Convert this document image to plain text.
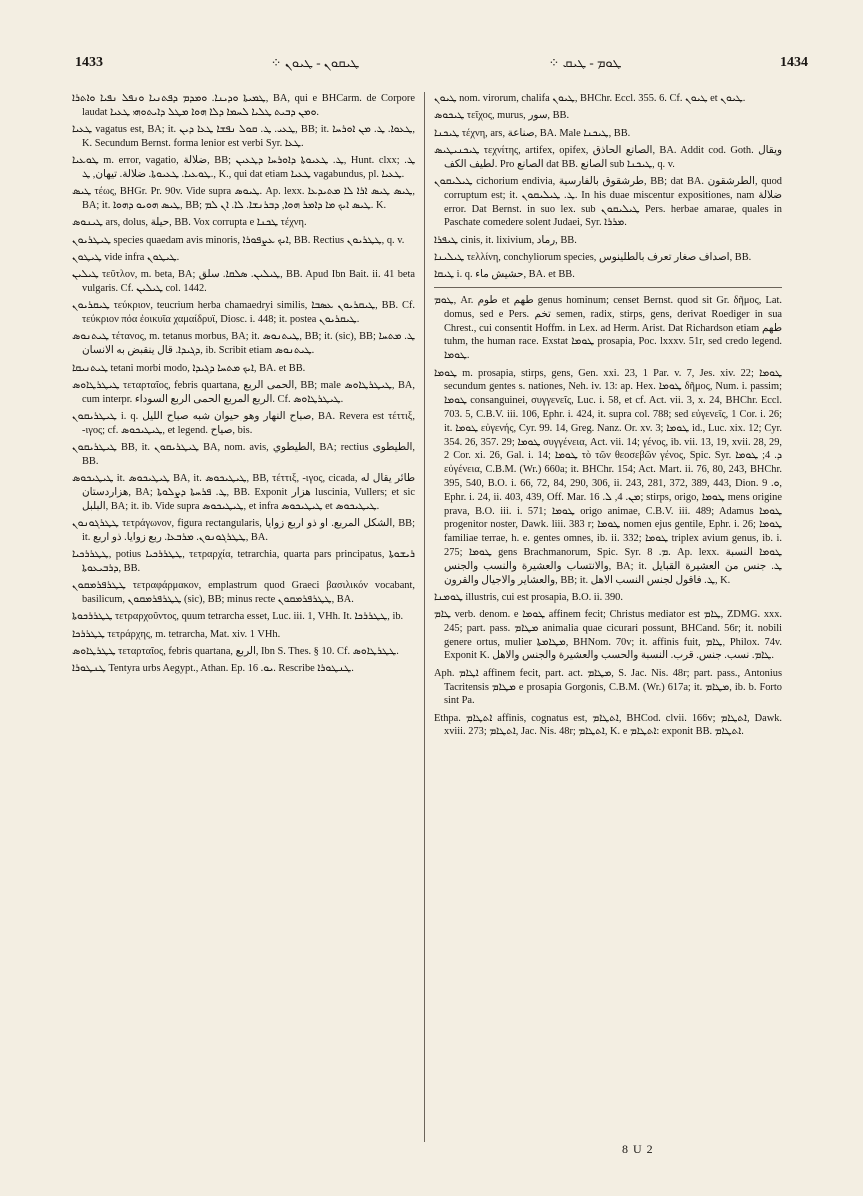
1433	⁘ ܛܝܩܘܢ ‑ ܛܝܘܢ	⁘ ܛܘܡ ‑ ܛܝܩ	1434

ܛܡܝܬܐ ܘܕܝܢܐ. ܘܡܕܡ ܕܦܬܢܝܐ ܘܢܦܠ ܢܦܝܐ ܘܐܬܪܐ, BA, qui e BHCarm. de Corpore laudat ܘܡܢ ܕܒܝܬ ܛܠܝܐ ܠܚܡܐ ܕܠܐ ܗܘܐ ܡܛܠ ܕܐܝܬܘܗܝ ܛܥܝܐ.

ܛܥܝܐ vagatus est, BA; it. ܛܥܝ. ܛ. ܩܘܠ ܢܦܫܐ ܛܥܐ ܕܝܢ, BB; it. ܛܥܘܐ. ܛ. ܡܢ ܐܘܪܚܐ, K. Secundum Bernst. forma lenior est verbi Syr. ܛܥܐ.

ܛܘܥܝܐ m. error, vagatio, ضلالة, BB; ܛ. ܛܥܝܘܬܐ ܕܐܘܪܚܐ ܕܛܥܝܢ, Hunt. clxx; ܛ. ܛܘܥܝܐ. ܛܥܝܘܬܐ. ضلالة. تيهان, ܛ., K., qui dat etiam ܛܥܝܐ vagabundus, pl. ܛܥܝܐ.

ܛܝܣ τέως, BHGr. Pr. 90v. Vide supra ܛܝܘܣ. Ap. lexx. ܛܝܣ ܛܝܣ ܐܪܐ ܠܐ ܡܬܝܕܥܐ, BA; it. ܛܝܣ ܗܘܝܘ ܕܗܘܐ, BB; ܛܝܣ ܐܝܟ ܡܐ ܕܐܡܪ ܗܘܐ, ܕܒܪܢܫܐ. ܠܐ. ܐܢ ܠܡ. K.

ܛܝܢܘܣ ars, dolus, حيلة, BB. Vox corrupta e ܛܟܢܐ τέχνη.

ܛܝܛܪܝܘܢ species quaedam avis minoris, ܐܝܟ ܥܨܦܘܪܐ, BB. Rectius ܛܛܪܝܘܢ, q. v.

ܛܝܛܘܢ vide infra ܛܝܛܘܢ.

ܛܝܠܝܢ τεῦτλον, m. beta, BA; ܛܝܠܝܢ. ܣܠܩܐ. سلق, BB. Apud Ibn Bait. ii. 41 beta vulgaris. Cf. ܛܝܠܝܢ col. 1442.

ܛܝܩܪܝܘܢ τεύκριον, teucrium herba chamaedryi similis, ܛܝܩܪܝܘܢ ܥܣܒܐ, BB. Cf. τεύκριον πόα ἐοικυῖα χαμαίδρυϊ, Diosc. i. 448; it. postea ܛܝܩܪܝܘܢ.

ܛܝܬܢܘܣ τέτανος, m. tetanus morbus, BA; it. ܛܝܬܢܘܣ, BB; it. (sic), BB; ܛ. ܡܬܚܐ ܕܓܝܕܐ. قال ينقبض به الانسان, ib. Scribit etiam ܛܝܬܢܘܣ.

ܛܝܬܢܝܩܐ tetani morbi modo, ܐܝܟ ܡܬܚܐ ܕܓܝܕܐ, BA. et BB.

ܛܝܛܪܛܐܘܣ τεταρταῖος, febris quartana, الحمى الربع, BB; male ܛܝܛܪܛܐܘܣ, BA, cum interpr. الربع المربع الحمى الربع السوداء. Cf. ܛܝܛܪܛܐܘܣ.

ܛܝܛܪܝܩܘܢ i. q. صباح النهار وهو حيوان شبه صباح الليل, BA. Revera est τέττιξ, -ιγος; cf. ܛܝܛܝܟܘܣ, et legend. صياح, bis.

ܛܝܛܪܝܩܘܢ BB, it. ܛܝܛܪܝܩܘܢ BA, nom. avis, الطيطوي, BA; rectius الطيطوى, BB.

ܛܝܛܝܟܘܣ it. ܛܝܛܝܟܘܣ BA, it. ܛܝܛܝܟܘܣ, BB, τέττιξ, -ιγος, cicada, طائر يقال له هزاردستان, BA; ܛ. ܦܪܚܬܐ ܕܨܠܘܬܐ, BB. Exponit هزار luscinia, Vullers; et sic البلبل, BA; it. ib. Vide supra ܛܝܛܝܟܘܣ, et infra ܛܝܛܝܟܘܣ et ܛܝܛܝܟܘܣ.

ܛܛܪܓܘܢܘܢ τετράγωνον, figura rectangularis, الشكل المربع. او ذو اربع زوايا, BB; it. ܛܛܪܓܘܢܘܢ. ܡܪܒܥܐ. ربع زوايا. ذو اربع, BA.

ܛܛܪܪܟܝܐ, potius ܛܛܪܪܟܝܐ, τετραρχία, tetrarchia, quarta pars principatus, ܪܝܫܘܬܐ ܕܪܒܝܥܘܬܐ, BB.

ܛܛܪܦܪܡܩܘܢ τετραφάρμακον, emplastrum quod Graeci βασιλικόν vocabant, basilicum, ܛܛܪܦܪܡܩܘܢ (sic), BB; minus recte ܛܛܪܦܪܡܩܘܢ, BA.

ܛܛܪܪܟܘܬܐ τετραρχοῦντος, quum tetrarcha esset, Luc. iii. 1, VHh. It. ܛܛܪܪܟܐ, ib.

ܛܛܪܪܟܐ τετράρχης, m. tetrarcha, Mat. xiv. 1 VHh.

ܛܛܪܛܐܘܣ τεταρταῖος, febris quartana, الربع, Ibn S. Thes. § 10. Cf. ܛܛܪܛܐܘܣ.

ܛܢܛܘܪܐ Tentyra urbs Aegypt., Athan. Ep. ܝܘ. 16. Rescribe ܛܢܛܘܪܐ.

ܛܝܘܢ nom. virorum, chalifa ܛܝܘܢ, BHChr. Eccl. 355. 6. Cf. ܛܝܘܢ et ܛܝܘܢ.

ܛܝܟܘܣ τεῖχος, murus, سور, BB.

ܛܝܟܢܐ τέχνη, ars, صناعة, BA. Male ܛܝܟܢܐ, BB.

ܛܝܟܢܝܛܝܣ τεχνίτης, artifex, opifex, الصانع الحاذق, BA. Addit cod. Goth. ويقال لطيف الكف. Pro الصانع dat BB. الصانع sub ܛܝܟܢܐ, q. v.

ܛܝܠܝܩܘܢ cichorium endivia, طرشقوق بالفارسية, BB; dat BA. الطرشقون, quod corruptum est; it. ܛ. ܛܝܠܝܩܘܢ. In his duae miscentur expositiones, nam ضلالة error. Dat Bernst. in suo lex. sub ܛܝܠܝܩܘܢ Pers. herbae amarae, quales in Paschate comedere solent Judaei, Syr. ܡܪܪܐ.

ܛܝܦܪܐ cinis, it. lixivium, رماد, BB.

ܛܝܠܝܢܐ τελλίνη, conchyliorum species, اصداف صغار تعرف بالطلينوس, BB.

ܛܝܩܐ i. q. حشيش ماء, BA. et BB.

ܛܘܡ, Ar. طوم et طهم genus hominum; censet Bernst. quod sit Gr. δῆμος, Lat. domus, sed e Pers. تخم semen, radix, stirps, gens, derivat Roediger in sua Chrest., cui consentit Hoffm. in Lex. ad Herm. Arist. Dat Richardson etiam طهم tuhm, the human race. Exstat ܛܘܡܐ prosapia, Poc. lxxxv. 51r, sed credo legend. ܛܘܡܐ.

ܛܘܡܐ m. prosapia, stirps, gens, Gen. xxi. 23, 1 Par. v. 7, Jes. xiv. 22; ܛܘܡܐ secundum gentes s. nationes, Neh. iv. 13: ap. Hex. ܛܘܡܐ δῆμος, Num. i. passim; ܛܘܡܐ consanguinei, συγγενεῖς, Luc. i. 58, et cf. Act. vii. 3, x. 24, BHChr. Eccl. 703. 5, C.B.V. iii. 106, Ephr. i. 424, it. supra col. 788; sed εὐγενεῖς, 1 Cor. i. 26; it. ܛܘܡܐ εὐγενής, Cyr. 99. 14, Greg. Nanz. Or. xv. 3; ܛܘܡܐ id., Luc. xix. 12; Cyr. 354. 26, 357. 29; ܛܘܡܐ συγγένεια, Act. vii. 14; γένος, ib. vii. 13, 19, xvii. 28, 29, 2 Cor. xi. 26, Gal. i. 14; ܛܘܡܐ τὸ τῶν θεοσεβῶν γένος, Spic. Syr. ܕ. 4; ܛܘܡܐ εὐγένεια, C.B.M. (Wr.) 660a; it. BHChr. 154; Act. Mart. ii. 76, 80, 243, BHChr. 395, 540, B.O. i. 66, 72, 84, 290, 306, ii. 243, 281, 372, 389, 443, Dion. ܘ. 9, Ephr. i. 24, ii. 403, 439, Off. Mar. ܡܢ. 4, ܠ. 16; stirps, origo, ܛܘܡܐ mens origine prava, B.O. iii. i. 571; ܛܘܡܐ origo animae, C.B.V. iii. 489; Adamus ܛܘܡܐ progenitor noster, Dawk. liii. 383 r; ܛܘܡܐ nomen ejus gentile, Ephr. i. 26; ܛܘܡܐ familiae terrae, h. e. gentes omnes, ib. ii. 332; ܛܘܡܐ triplex avium genus, ib. i. 275; ܛܘܡܐ gens Brachmanorum, Spic. Syr. ܡ. 8. Ap. lexx. ܛܘܡܐ النسبة والانتساب والعشيرة والنسب والجنس, BA; it. ܛ. جنس من العشيرة القبايل والعشاير والاجيال والقرون, BB; it. ܛ. فاقول لجنس النسب الاهل, K.

ܛܘܡܢܐ illustris, cui est prosapia, B.O. ii. 390.

ܛܐܡ verb. denom. e ܛܘܡܐ affinem fecit; Christus mediator est ܛܐܡ, ZDMG. xxx. 245; part. pass. ܡܛܐܡ animalia quae cicurari possunt, BHCand. 56r; it. nobili genere ortus, mulier ܡܛܐܡܬܐ, BHNom. 70v; it. affinis fuit, ܛܐܡ, Philox. 74v. Exponit K. ܛܐܡ. نسب. جنس. قرب. النسبة والحسب والعشيرة والجنس والاهل.

Aph. ܐܛܐܡ affinem fecit, part. act. ܡܛܐܡ, S. Jac. Nis. 48r; part. pass., Antonius Tacritensis ܡܛܐܡ e prosapia Gorgonis, C.B.M. (Wr.) 617a; it. ܡܛܐܡ, ib. b. Forto sint Pa.

Ethpa. ܐܬܛܐܡ affinis, cognatus est, ܐܬܛܐܡ, BHCod. clvii. 166v; ܐܬܛܐܡ, Dawk. xviii. 273; ܐܬܛܐܡ, Jac. Nis. 48r; ܐܬܛܐܡ, K. e ܐܬܛܐܡ: exponit BB. ܐܬܛܐܡ.

8 U 2
